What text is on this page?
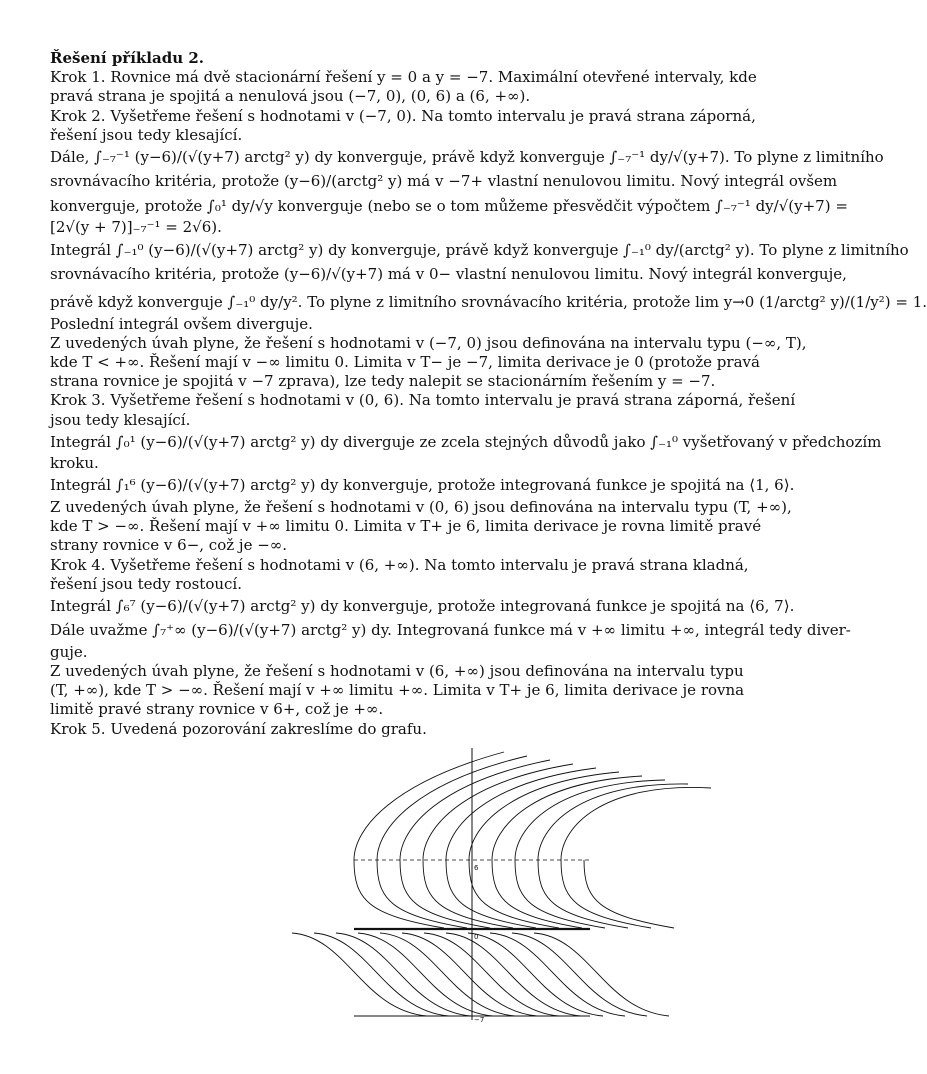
Řešení příkladu 2.
Krok 1. Rovnice má dvě stacionární řešení y = 0 a y = −7. Maximální otevřené intervaly, kde
pravá strana je spojitá a nenulová jsou (−7, 0), (0, 6) a (6, +∞).
Krok 2. Vyšetřeme řešení s hodnotami v (−7, 0). Na tomto intervalu je pravá strana záporná,
řešení jsou tedy klesající.
Dále, ∫₋₇⁻¹ (y−6)/(√(y+7) arctg² y) dy konverguje, právě když konverguje ∫₋₇⁻¹ dy/√(y+7). To plyne z limitního
srovnávacího kritéria, protože (y−6)/(arctg² y) má v −7+ vlastní nenulovou limitu. Nový integrál ovšem
konverguje, protože ∫₀¹ dy/√y konverguje (nebo se o tom můžeme přesvědčit výpočtem ∫₋₇⁻¹ dy/√(y+7) =
[2√(y + 7)]₋₇⁻¹ = 2√6).
Integrál ∫₋₁⁰ (y−6)/(√(y+7) arctg² y) dy konverguje, právě když konverguje ∫₋₁⁰ dy/(arctg² y). To plyne z limitního
srovnávacího kritéria, protože (y−6)/√(y+7) má v 0− vlastní nenulovou limitu. Nový integrál konverguje,
právě když konverguje ∫₋₁⁰ dy/y². To plyne z limitního srovnávacího kritéria, protože lim y→0 (1/arctg² y)/(1/y²) = 1.
Poslední integrál ovšem diverguje.
Z uvedených úvah plyne, že řešení s hodnotami v (−7, 0) jsou definována na intervalu typu (−∞, T),
kde T < +∞. Řešení mají v −∞ limitu 0. Limita v T− je −7, limita derivace je 0 (protože pravá
strana rovnice je spojitá v −7 zprava), lze tedy nalepit se stacionárním řešením y = −7.
Krok 3. Vyšetřeme řešení s hodnotami v (0, 6). Na tomto intervalu je pravá strana záporná, řešení
jsou tedy klesající.
Integrál ∫₀¹ (y−6)/(√(y+7) arctg² y) dy diverguje ze zcela stejných důvodů jako ∫₋₁⁰ vyšetřovaný v předchozím
kroku.
Integrál ∫₁⁶ (y−6)/(√(y+7) arctg² y) dy konverguje, protože integrovaná funkce je spojitá na ⟨1, 6⟩.
Z uvedených úvah plyne, že řešení s hodnotami v (0, 6) jsou definována na intervalu typu (T, +∞),
kde T > −∞. Řešení mají v +∞ limitu 0. Limita v T+ je 6, limita derivace je rovna limitě pravé
strany rovnice v 6−, což je −∞.
Krok 4. Vyšetřeme řešení s hodnotami v (6, +∞). Na tomto intervalu je pravá strana kladná,
řešení jsou tedy rostoucí.
Integrál ∫₆⁷ (y−6)/(√(y+7) arctg² y) dy konverguje, protože integrovaná funkce je spojitá na ⟨6, 7⟩.
Dále uvažme ∫₇⁺∞ (y−6)/(√(y+7) arctg² y) dy. Integrovaná funkce má v +∞ limitu +∞, integrál tedy diver-
guje.
Z uvedených úvah plyne, že řešení s hodnotami v (6, +∞) jsou definována na intervalu typu
(T, +∞), kde T > −∞. Řešení mají v +∞ limitu +∞. Limita v T+ je 6, limita derivace je rovna
limitě pravé strany rovnice v 6+, což je +∞.
Krok 5. Uvedená pozorování zakreslíme do grafu.
6
0
−7
